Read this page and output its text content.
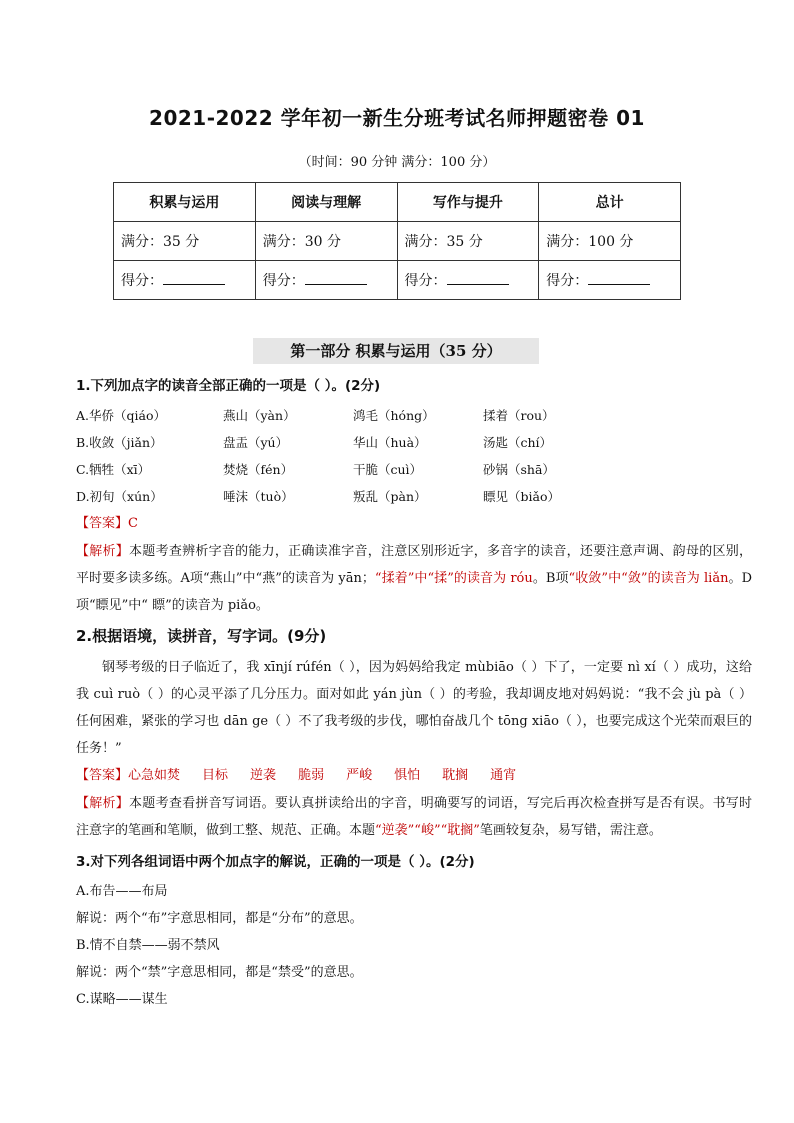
2021-2022 学年初一新生分班考试名师押题密卷 01
（时间：90 分钟 满分：100 分）
积累与运用	阅读与理解	写作与提升	总计
满分：35 分	满分：30 分	满分：35 分	满分：100 分
得分：	得分：	得分：	得分：
第一部分 积累与运用（35 分）
1.下列加点字的读音全部正确的一项是（ ）。(2分)
A.华侨（qiáo）	燕山（yàn）	鸿毛（hóng）	揉着（rou）
B.收敛（jiǎn）	盘盂（yú）	华山（huà）	汤匙（chí）
C.牺牲（xī）	焚烧（fén）	干脆（cuì）	砂锅（shā）
D.初旬（xún）	唾沫（tuò）	叛乱（pàn）	瞟见（biǎo）
【答案】C
【解析】本题考查辨析字音的能力，正确读准字音，注意区别形近字，多音字的读音，还要注意声调、韵母的区别，平时要多读多练。A项“燕山”中“燕”的读音为 yān；“揉着”中“揉”的读音为 róu。B项“收敛”中“敛”的读音为 liǎn。D项“瞟见”中“ 瞟”的读音为 piǎo。
2.根据语境，读拼音，写字词。(9分)
钢琴考级的日子临近了，我 xīnjí rúfén（ ），因为妈妈给我定 mùbiāo（ ）下了，一定要 nì xí（ ）成功，这给我 cuì ruò（ ）的心灵平添了几分压力。面对如此 yán jùn（ ）的考验，我却调皮地对妈妈说：“我不会 jù pà（ ）任何困难，紧张的学习也 dān ge（ ）不了我考级的步伐，哪怕奋战几个 tōng xiāo（ ），也要完成这个光荣而艰巨的任务！”
【答案】心急如焚 目标 逆袭 脆弱 严峻 惧怕 耽搁 通宵
【解析】本题考查看拼音写词语。要认真拼读给出的字音，明确要写的词语，写完后再次检查拼写是否有误。书写时注意字的笔画和笔顺，做到工整、规范、正确。本题“逆袭”“峻”“耽搁”笔画较复杂，易写错，需注意。
3.对下列各组词语中两个加点字的解说，正确的一项是（ ）。(2分)
A.布告——布局
解说：两个“布”字意思相同，都是“分布”的意思。
B.情不自禁——弱不禁风
解说：两个“禁”字意思相同，都是“禁受”的意思。
C.谋略——谋生
